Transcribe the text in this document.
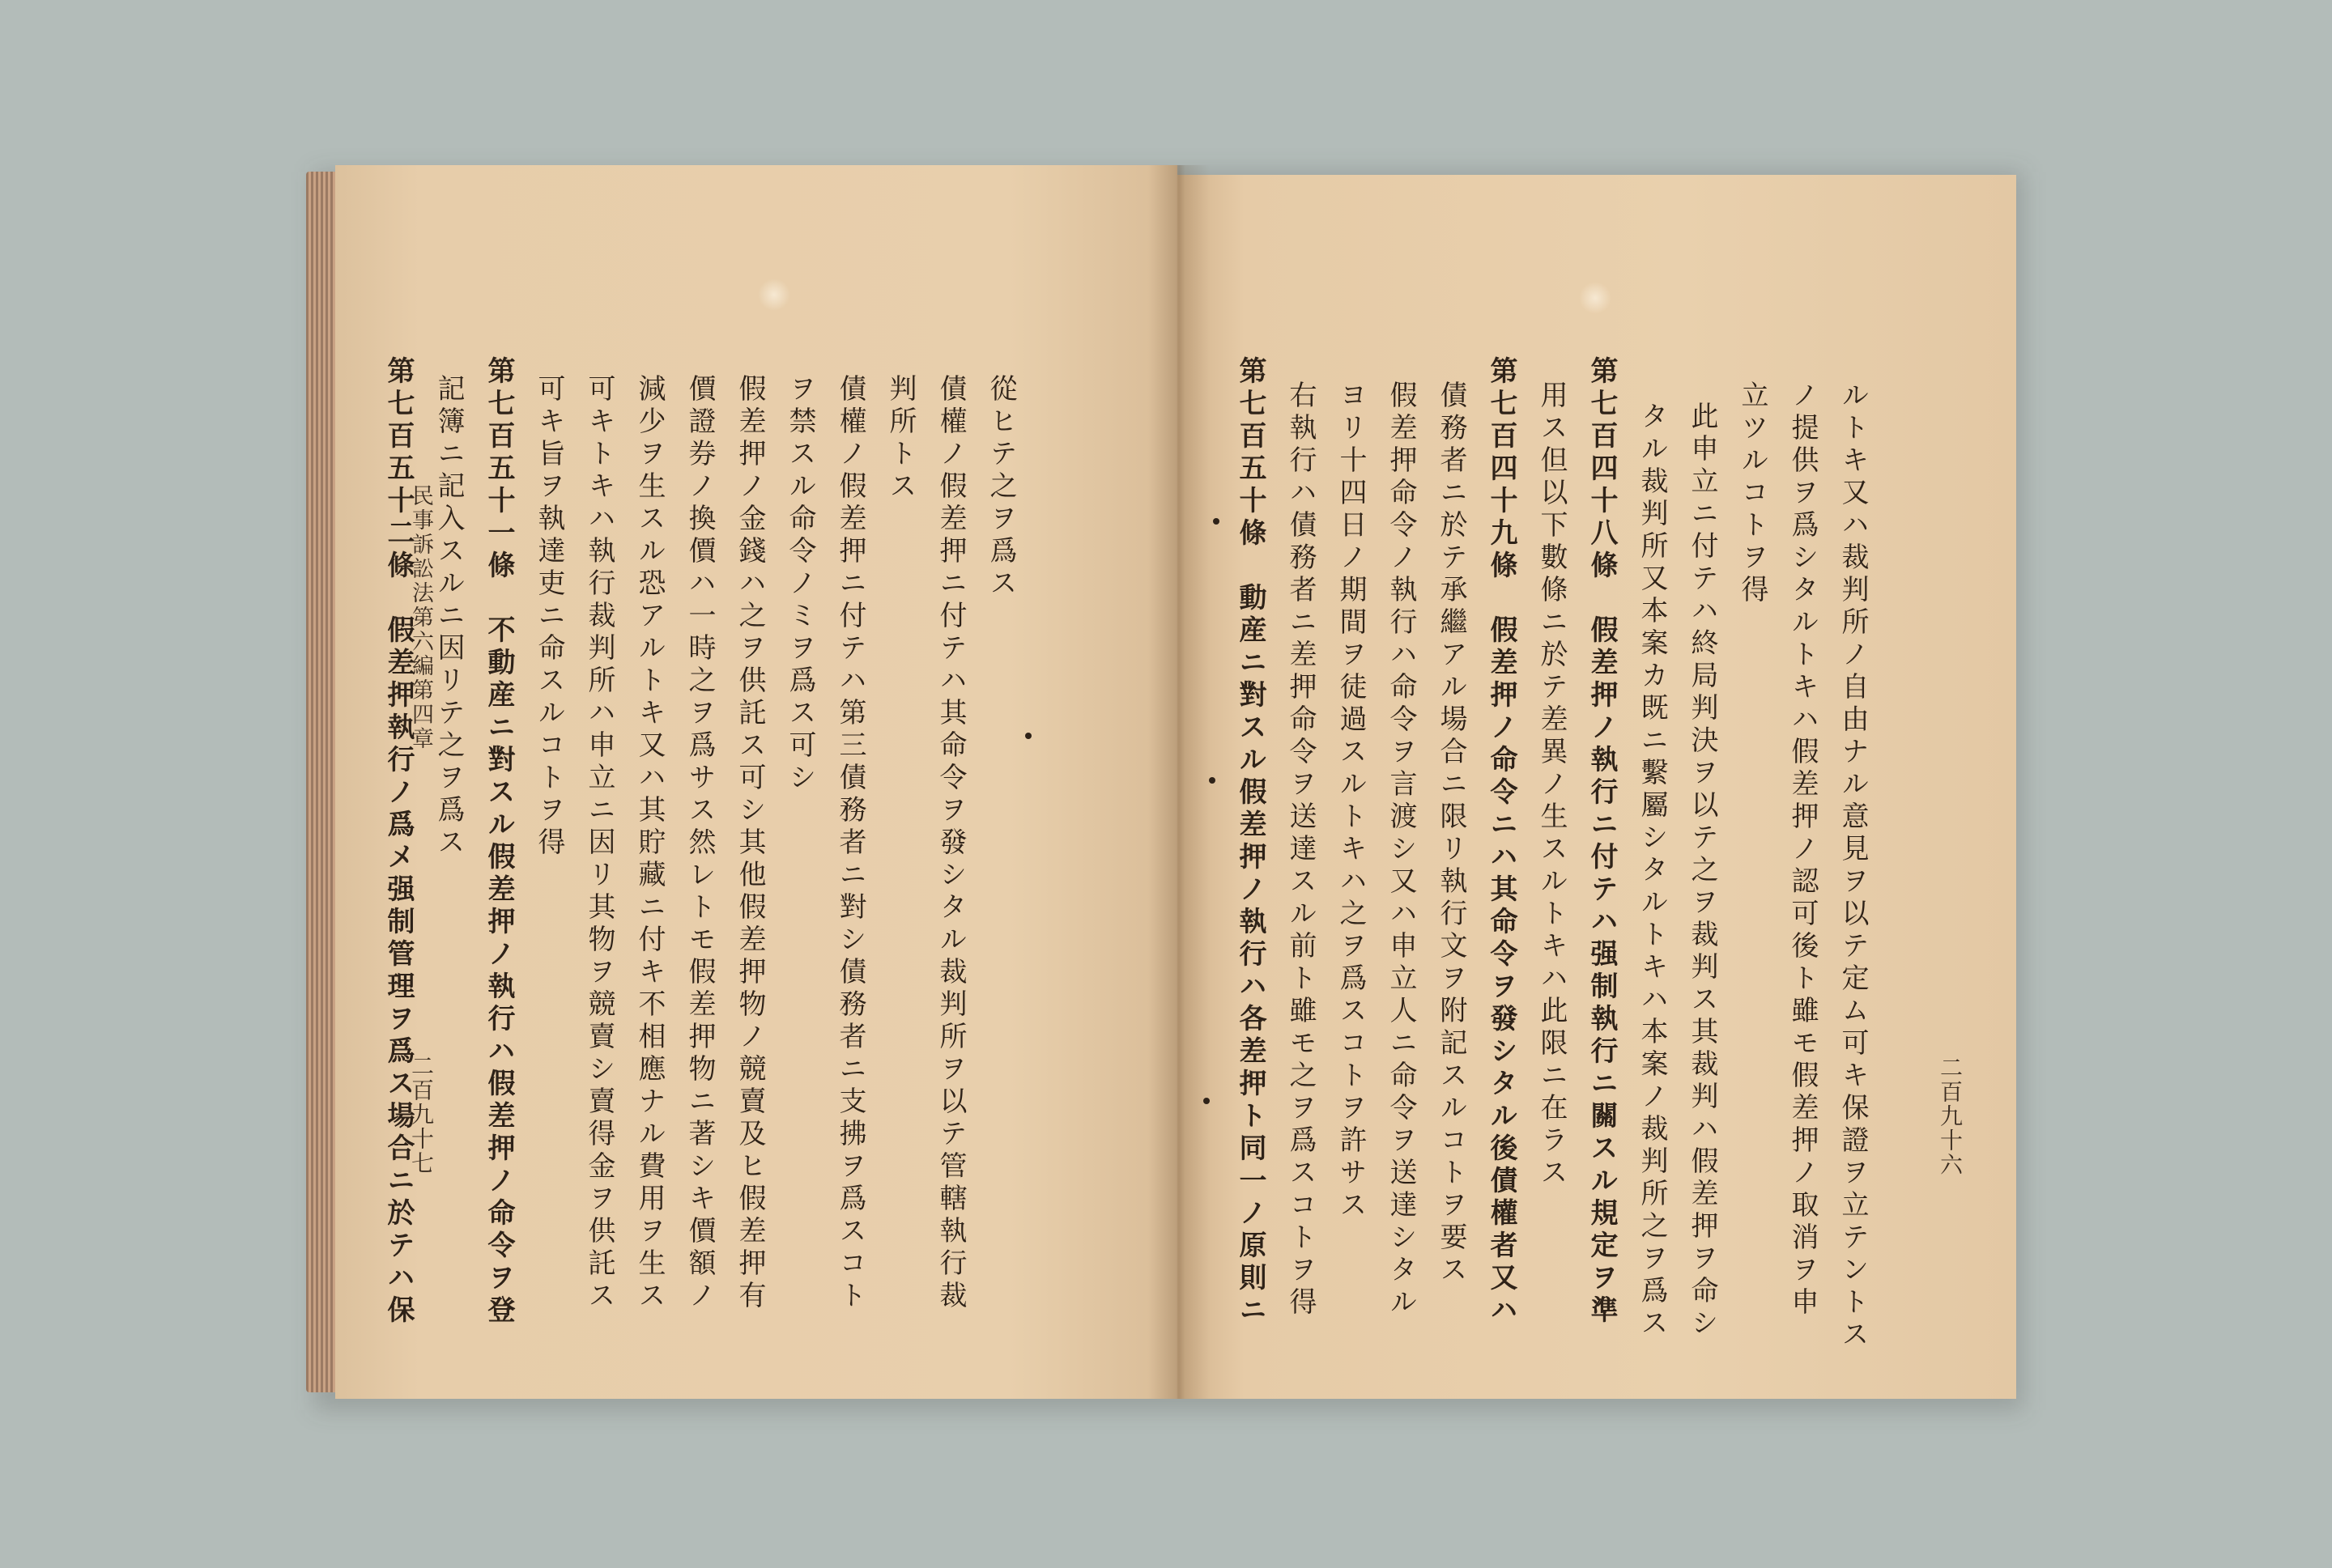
從ヒテ之ヲ爲ス
債權ノ假差押ニ付テハ其命令ヲ發シタル裁判所ヲ以テ管轄執行裁
判所トス
債權ノ假差押ニ付テハ第三債務者ニ對シ債務者ニ支拂ヲ爲スコト
ヲ禁スル命令ノミヲ爲ス可シ
假差押ノ金錢ハ之ヲ供託ス可シ其他假差押物ノ競賣及ヒ假差押有
價證券ノ換價ハ一時之ヲ爲サス然レトモ假差押物ニ著シキ價額ノ
減少ヲ生スル恐アルトキ又ハ其貯藏ニ付キ不相應ナル費用ヲ生ス
可キトキハ執行裁判所ハ申立ニ因リ其物ヲ競賣シ賣得金ヲ供託ス
可キ旨ヲ執達吏ニ命スルコトヲ得
第七百五十一條　不動産ニ對スル假差押ノ執行ハ假差押ノ命令ヲ登
記簿ニ記入スルニ因リテ之ヲ爲ス
第七百五十二條　假差押執行ノ爲メ强制管理ヲ爲ス場合ニ於テハ保
民事訴訟法第六編第四章
二百九十七	二百九十六
ルトキ又ハ裁判所ノ自由ナル意見ヲ以テ定ム可キ保證ヲ立テントス
ノ提供ヲ爲シタルトキハ假差押ノ認可後ト雖モ假差押ノ取消ヲ申
立ツルコトヲ得
此申立ニ付テハ終局判決ヲ以テ之ヲ裁判ス其裁判ハ假差押ヲ命シ
タル裁判所又本案カ既ニ繫屬シタルトキハ本案ノ裁判所之ヲ爲ス
第七百四十八條　假差押ノ執行ニ付テハ强制執行ニ關スル規定ヲ準
用ス但以下數條ニ於テ差異ノ生スルトキハ此限ニ在ラス
第七百四十九條　假差押ノ命令ニハ其命令ヲ發シタル後債權者又ハ
債務者ニ於テ承繼アル場合ニ限リ執行文ヲ附記スルコトヲ要ス
假差押命令ノ執行ハ命令ヲ言渡シ又ハ申立人ニ命令ヲ送達シタル
ヨリ十四日ノ期間ヲ徒過スルトキハ之ヲ爲スコトヲ許サス
右執行ハ債務者ニ差押命令ヲ送達スル前ト雖モ之ヲ爲スコトヲ得
第七百五十條　動産ニ對スル假差押ノ執行ハ各差押ト同一ノ原則ニ
